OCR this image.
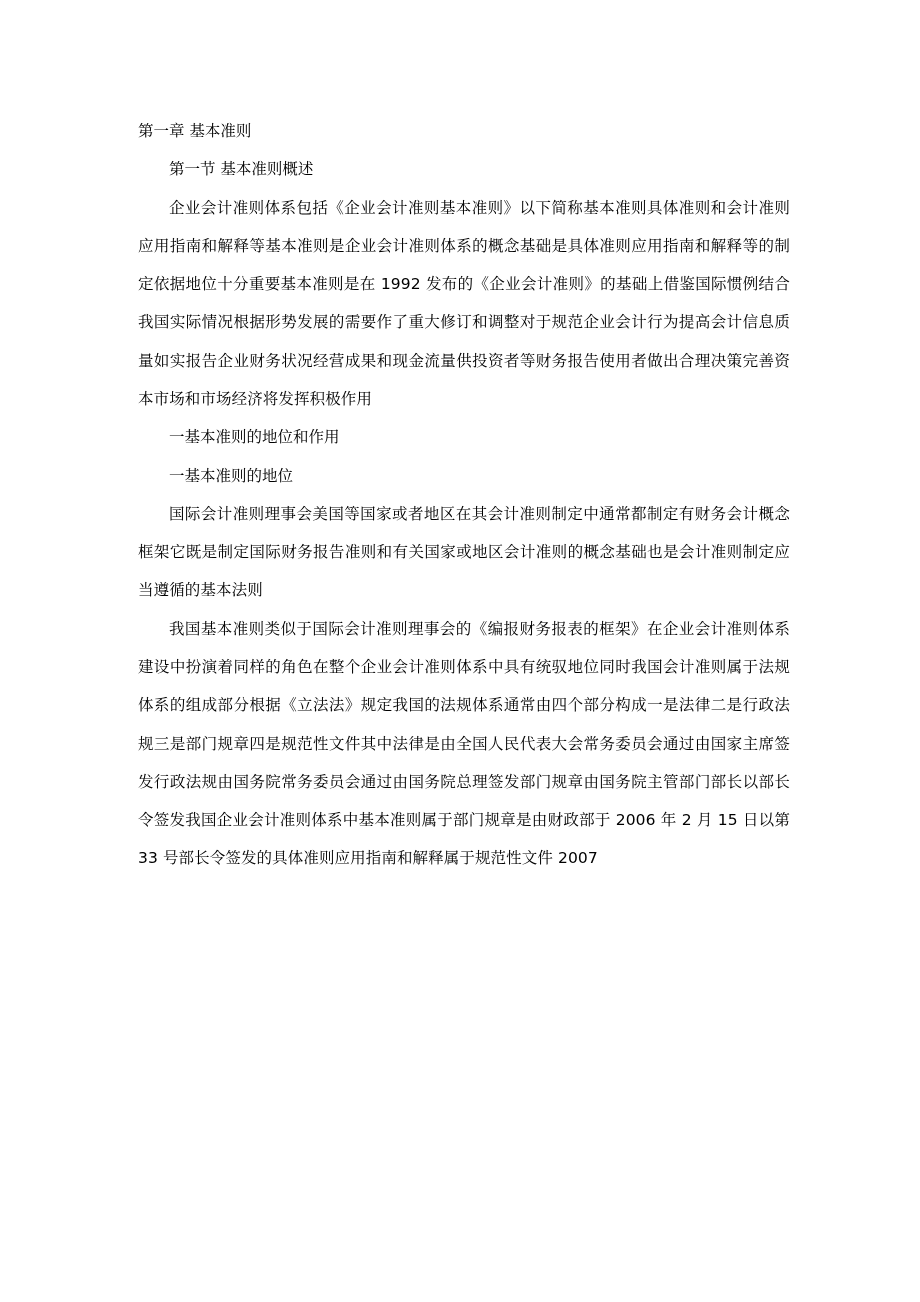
第一章 基本准则

第一节 基本准则概述

企业会计准则体系包括《企业会计准则基本准则》以下简称基本准则具体准则和会计准则应用指南和解释等基本准则是企业会计准则体系的概念基础是具体准则应用指南和解释等的制定依据地位十分重要基本准则是在 1992 发布的《企业会计准则》的基础上借鉴国际惯例结合我国实际情况根据形势发展的需要作了重大修订和调整对于规范企业会计行为提高会计信息质量如实报告企业财务状况经营成果和现金流量供投资者等财务报告使用者做出合理决策完善资本市场和市场经济将发挥积极作用

一基本准则的地位和作用

一基本准则的地位

国际会计准则理事会美国等国家或者地区在其会计准则制定中通常都制定有财务会计概念框架它既是制定国际财务报告准则和有关国家或地区会计准则的概念基础也是会计准则制定应当遵循的基本法则

我国基本准则类似于国际会计准则理事会的《编报财务报表的框架》在企业会计准则体系建设中扮演着同样的角色在整个企业会计准则体系中具有统驭地位同时我国会计准则属于法规体系的组成部分根据《立法法》规定我国的法规体系通常由四个部分构成一是法律二是行政法规三是部门规章四是规范性文件其中法律是由全国人民代表大会常务委员会通过由国家主席签发行政法规由国务院常务委员会通过由国务院总理签发部门规章由国务院主管部门部长以部长令签发我国企业会计准则体系中基本准则属于部门规章是由财政部于 2006 年 2 月 15 日以第 33 号部长令签发的具体准则应用指南和解释属于规范性文件 2007
